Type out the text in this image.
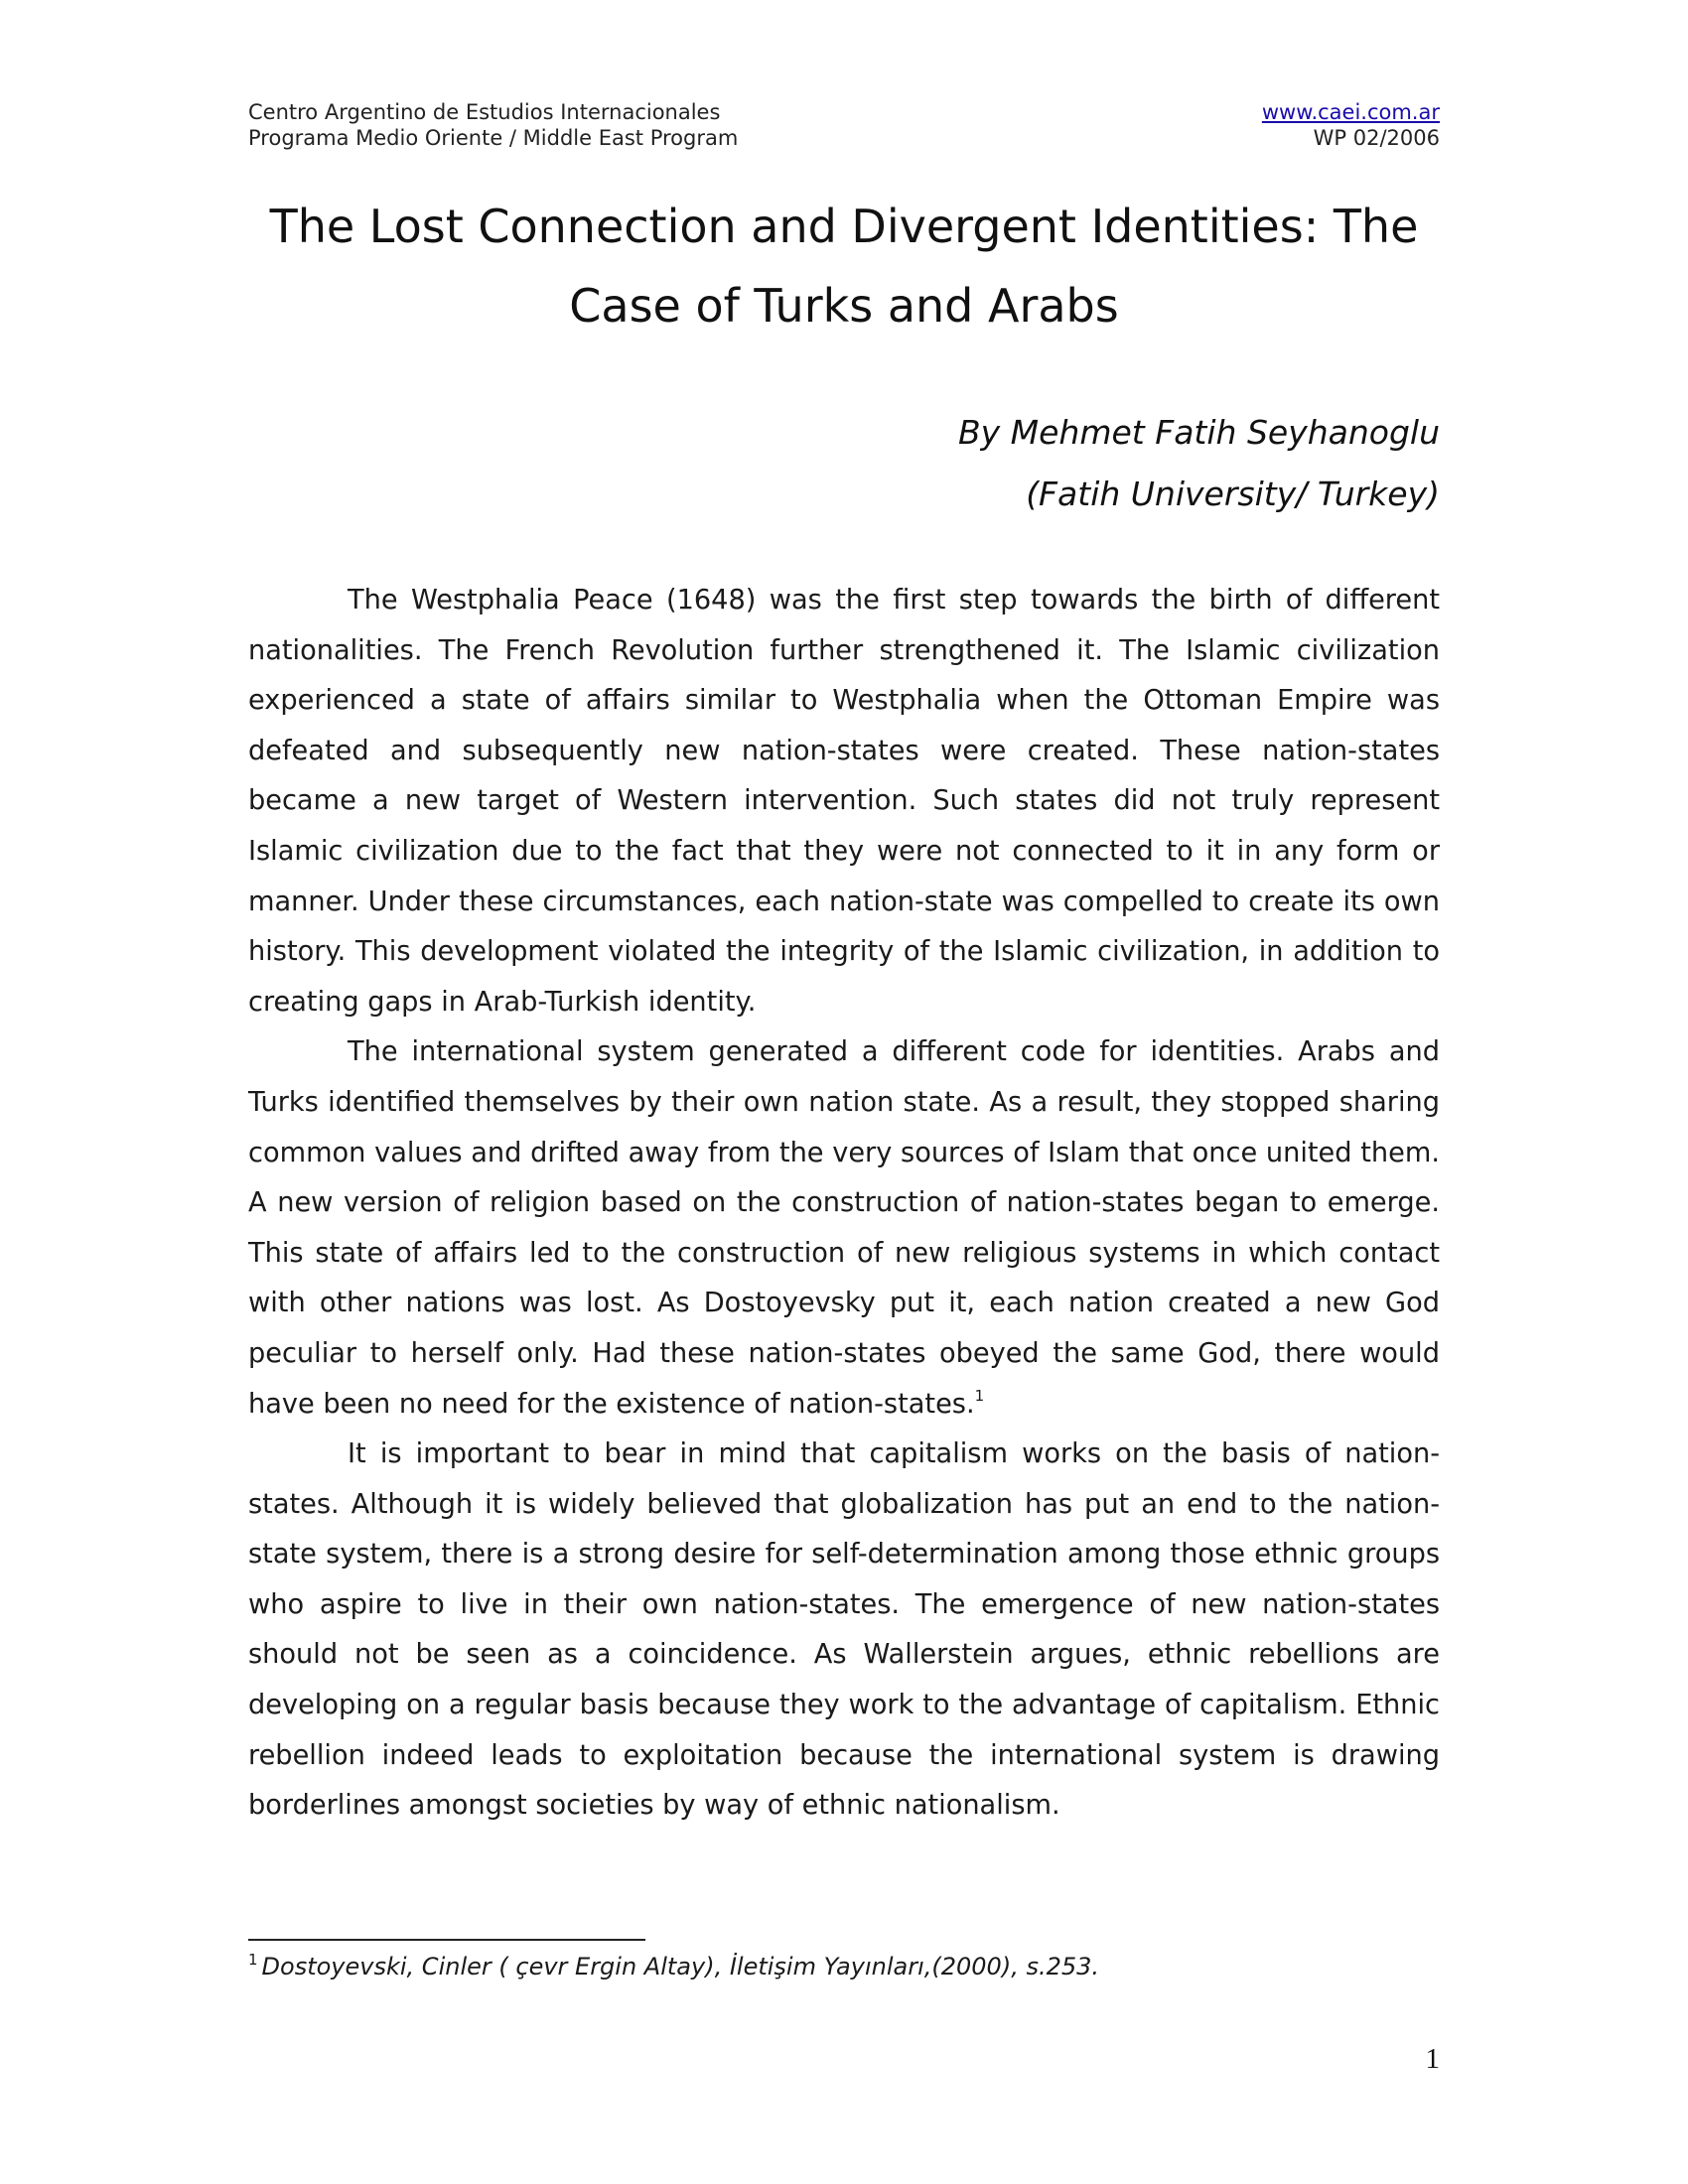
Centro Argentino de Estudios Internacionales	www.caei.com.ar
Programa Medio Oriente / Middle East Program	WP 02/2006
The Lost Connection and Divergent Identities: The Case of Turks and Arabs
By Mehmet Fatih Seyhanoglu
(Fatih University/ Turkey)

The Westphalia Peace (1648) was the first step towards the birth of different nationalities. The French Revolution further strengthened it. The Islamic civilization experienced a state of affairs similar to Westphalia when the Ottoman Empire was defeated and subsequently new nation-states were created. These nation-states became a new target of Western intervention. Such states did not truly represent Islamic civilization due to the fact that they were not connected to it in any form or manner. Under these circumstances, each nation-state was compelled to create its own history. This development violated the integrity of the Islamic civilization, in addition to creating gaps in Arab-Turkish identity.

The international system generated a different code for identities. Arabs and Turks identified themselves by their own nation state. As a result, they stopped sharing common values and drifted away from the very sources of Islam that once united them. A new version of religion based on the construction of nation-states began to emerge. This state of affairs led to the construction of new religious systems in which contact with other nations was lost. As Dostoyevsky put it, each nation created a new God peculiar to herself only. Had these nation-states obeyed the same God, there would have been no need for the existence of nation-states.$^1$

It is important to bear in mind that capitalism works on the basis of nation-states. Although it is widely believed that globalization has put an end to the nation-state system, there is a strong desire for self-determination among those ethnic groups who aspire to live in their own nation-states. The emergence of new nation-states should not be seen as a coincidence. As Wallerstein argues, ethnic rebellions are developing on a regular basis because they work to the advantage of capitalism. Ethnic rebellion indeed leads to exploitation because the international system is drawing borderlines amongst societies by way of ethnic nationalism.

$^1$ Dostoyevski, Cinler ( çevr Ergin Altay), İletişim Yayınları,(2000), s.253.
1
